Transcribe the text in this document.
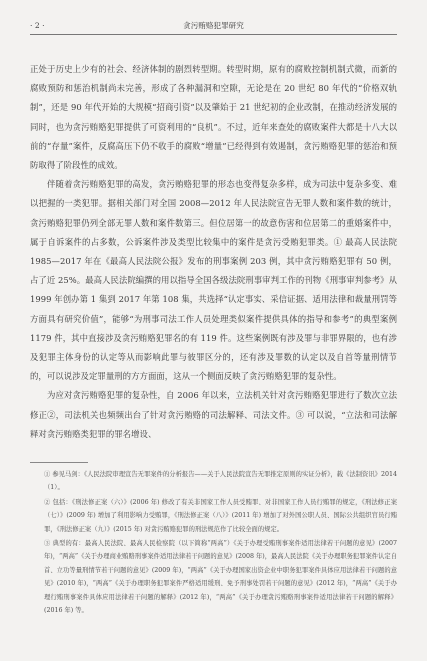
· 2 ·	贪污贿赂犯罪研究

正处于历史上少有的社会、经济体制的剧烈转型期。转型时期，原有的腐败控制机制式微，而新的腐败预防和惩治机制尚未完善，形成了各种漏洞和空隙，无论是在 20 世纪 80 年代的“价格双轨制”，还是 90 年代开始的大规模“招商引资”以及肇始于 21 世纪初的企业改制，在推动经济发展的同时，也为贪污贿赂犯罪提供了可资利用的“良机”。不过，近年来查处的腐败案件大都是十八大以前的“存量”案件，反腐高压下仍不收手的腐败“增量”已经得到有效遏制，贪污贿赂犯罪的惩治和预防取得了阶段性的成效。

伴随着贪污贿赂犯罪的高发，贪污贿赂犯罪的形态也变得复杂多样，成为司法中复杂多变、难以把握的一类犯罪。据相关部门对全国 2008—2012 年人民法院宣告无罪人数和案件数的统计，贪污贿赂犯罪仍列全部无罪人数和案件数第三。但位居第一的故意伤害和位居第二的重婚案件中，属于自诉案件的占多数，公诉案件涉及类型比较集中的案件是贪污受贿犯罪类。① 最高人民法院 1985—2017 年在《最高人民法院公报》发布的刑事案例 203 例，其中贪污贿赂犯罪有 50 例，占了近 25%。最高人民法院编撰的用以指导全国各级法院刑事审判工作的刊物《刑事审判参考》从 1999 年创办第 1 集到 2017 年第 108 集，共选择“认定事实、采信证据、适用法律和裁量刑罚等方面具有研究价值”，能够“为刑事司法工作人员处理类似案件提供具体的指导和参考”的典型案例 1179 件，其中直接涉及贪污贿赂犯罪名的有 119 件。这些案例既有涉及罪与非罪界限的，也有涉及犯罪主体身份的认定等从而影响此罪与彼罪区分的，还有涉及罪数的认定以及自首等量刑情节的，可以说涉及定罪量刑的方方面面，这从一个侧面反映了贪污贿赂犯罪的复杂性。

为应对贪污贿赂犯罪的复杂性，自 2006 年以来，立法机关针对贪污贿赂犯罪进行了数次立法修正②，司法机关也频频出台了针对贪污贿赂的司法解释、司法文件。③ 可以说，“立法和司法解释对贪污贿赂类犯罪的罪名增设、

① 参见马剑：《人民法院审理宣告无罪案件的分析报告——关于人民法院宣告无罪推定原则的实证分析》，载《法制资讯》2014（1）。

② 包括：《刑法修正案（六）》(2006 年) 修改了有关非国家工作人员受贿罪、对非国家工作人员行贿罪的规定，《刑法修正案（七）》(2009 年) 增加了利用影响力受贿罪，《刑法修正案（八）》(2011 年) 增加了对外国公职人员、国际公共组织官员行贿罪，《刑法修正案（九）》(2015 年) 对贪污贿赂犯罪的刑法规范作了比较全面的规定。

③ 典型的有：最高人民法院、最高人民检察院（以下简称“两高”）《关于办理受贿刑事案件适用法律若干问题的意见》(2007 年)，“两高”《关于办理商业贿赂刑事案件适用法律若干问题的意见》(2008 年)，最高人民法院《关于办理职务犯罪案件认定自首、立功等量刑情节若干问题的意见》(2009 年)，“两高”《关于办理国家出资企业中职务犯罪案件具体应用法律若干问题的意见》(2010 年)，“两高”《关于办理职务犯罪案件严格适用缓刑、免予刑事处罚若干问题的意见》(2012 年)，“两高”《关于办理行贿刑事案件具体应用法律若干问题的解释》(2012 年)，“两高”《关于办理贪污贿赂刑事案件适用法律若干问题的解释》(2016 年) 等。
